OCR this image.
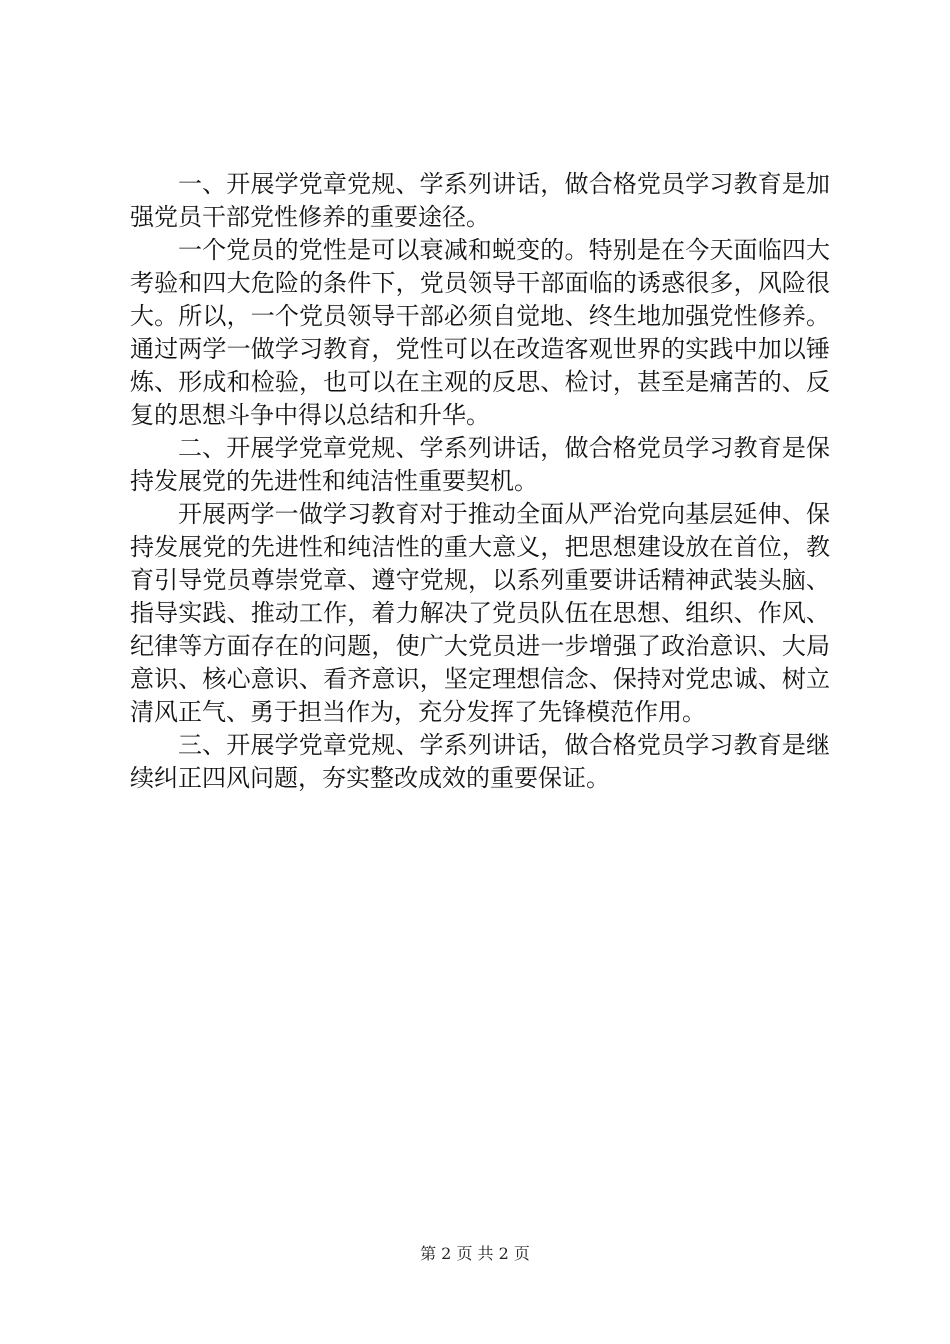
一、开展学党章党规、学系列讲话，做合格党员学习教育是加强党员干部党性修养的重要途径。

一个党员的党性是可以衰减和蜕变的。特别是在今天面临四大考验和四大危险的条件下，党员领导干部面临的诱惑很多，风险很大。所以，一个党员领导干部必须自觉地、终生地加强党性修养。通过两学一做学习教育，党性可以在改造客观世界的实践中加以锤炼、形成和检验，也可以在主观的反思、检讨，甚至是痛苦的、反复的思想斗争中得以总结和升华。

二、开展学党章党规、学系列讲话，做合格党员学习教育是保持发展党的先进性和纯洁性重要契机。

开展两学一做学习教育对于推动全面从严治党向基层延伸、保持发展党的先进性和纯洁性的重大意义，把思想建设放在首位，教育引导党员尊崇党章、遵守党规，以系列重要讲话精神武装头脑、指导实践、推动工作，着力解决了党员队伍在思想、组织、作风、纪律等方面存在的问题，使广大党员进一步增强了政治意识、大局意识、核心意识、看齐意识，坚定理想信念、保持对党忠诚、树立清风正气、勇于担当作为，充分发挥了先锋模范作用。

三、开展学党章党规、学系列讲话，做合格党员学习教育是继续纠正四风问题，夯实整改成效的重要保证。

第 2 页 共 2 页
